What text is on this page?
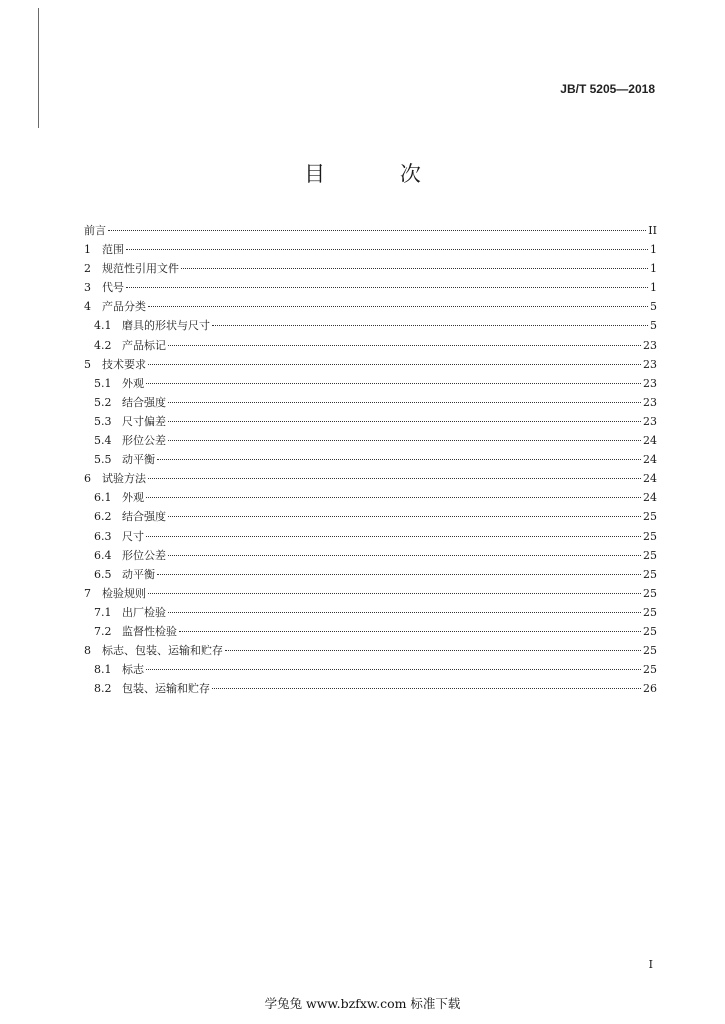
JB/T 5205—2018
目 次
前言	II
1	范围	1
2	规范性引用文件	1
3	代号	1
4	产品分类	5
4.1 磨具的形状与尺寸	5
4.2 产品标记	23
5	技术要求	23
5.1 外观	23
5.2 结合强度	23
5.3 尺寸偏差	23
5.4 形位公差	24
5.5 动平衡	24
6	试验方法	24
6.1 外观	24
6.2 结合强度	25
6.3 尺寸	25
6.4 形位公差	25
6.5 动平衡	25
7	检验规则	25
7.1 出厂检验	25
7.2 监督性检验	25
8	标志、包装、运输和贮存	25
8.1 标志	25
8.2 包装、运输和贮存	26
I
学兔兔 www.bzfxw.com 标准下载
